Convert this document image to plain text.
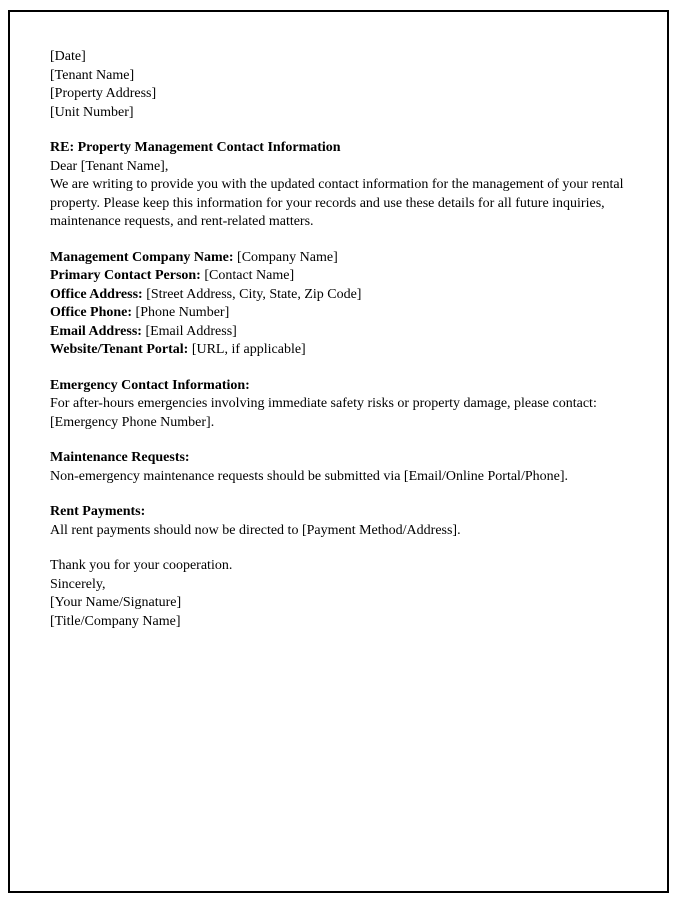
[Date]

[Tenant Name]

[Property Address]

[Unit Number]

RE: Property Management Contact Information

Dear [Tenant Name],

We are writing to provide you with the updated contact information for the management of your rental property. Please keep this information for your records and use these details for all future inquiries, maintenance requests, and rent-related matters.

Management Company Name: [Company Name]

Primary Contact Person: [Contact Name]

Office Address: [Street Address, City, State, Zip Code]

Office Phone: [Phone Number]

Email Address: [Email Address]

Website/Tenant Portal: [URL, if applicable]

Emergency Contact Information:

For after-hours emergencies involving immediate safety risks or property damage, please contact: [Emergency Phone Number].

Maintenance Requests:

Non-emergency maintenance requests should be submitted via [Email/Online Portal/Phone].

Rent Payments:

All rent payments should now be directed to [Payment Method/Address].

Thank you for your cooperation.

Sincerely,

[Your Name/Signature]

[Title/Company Name]
